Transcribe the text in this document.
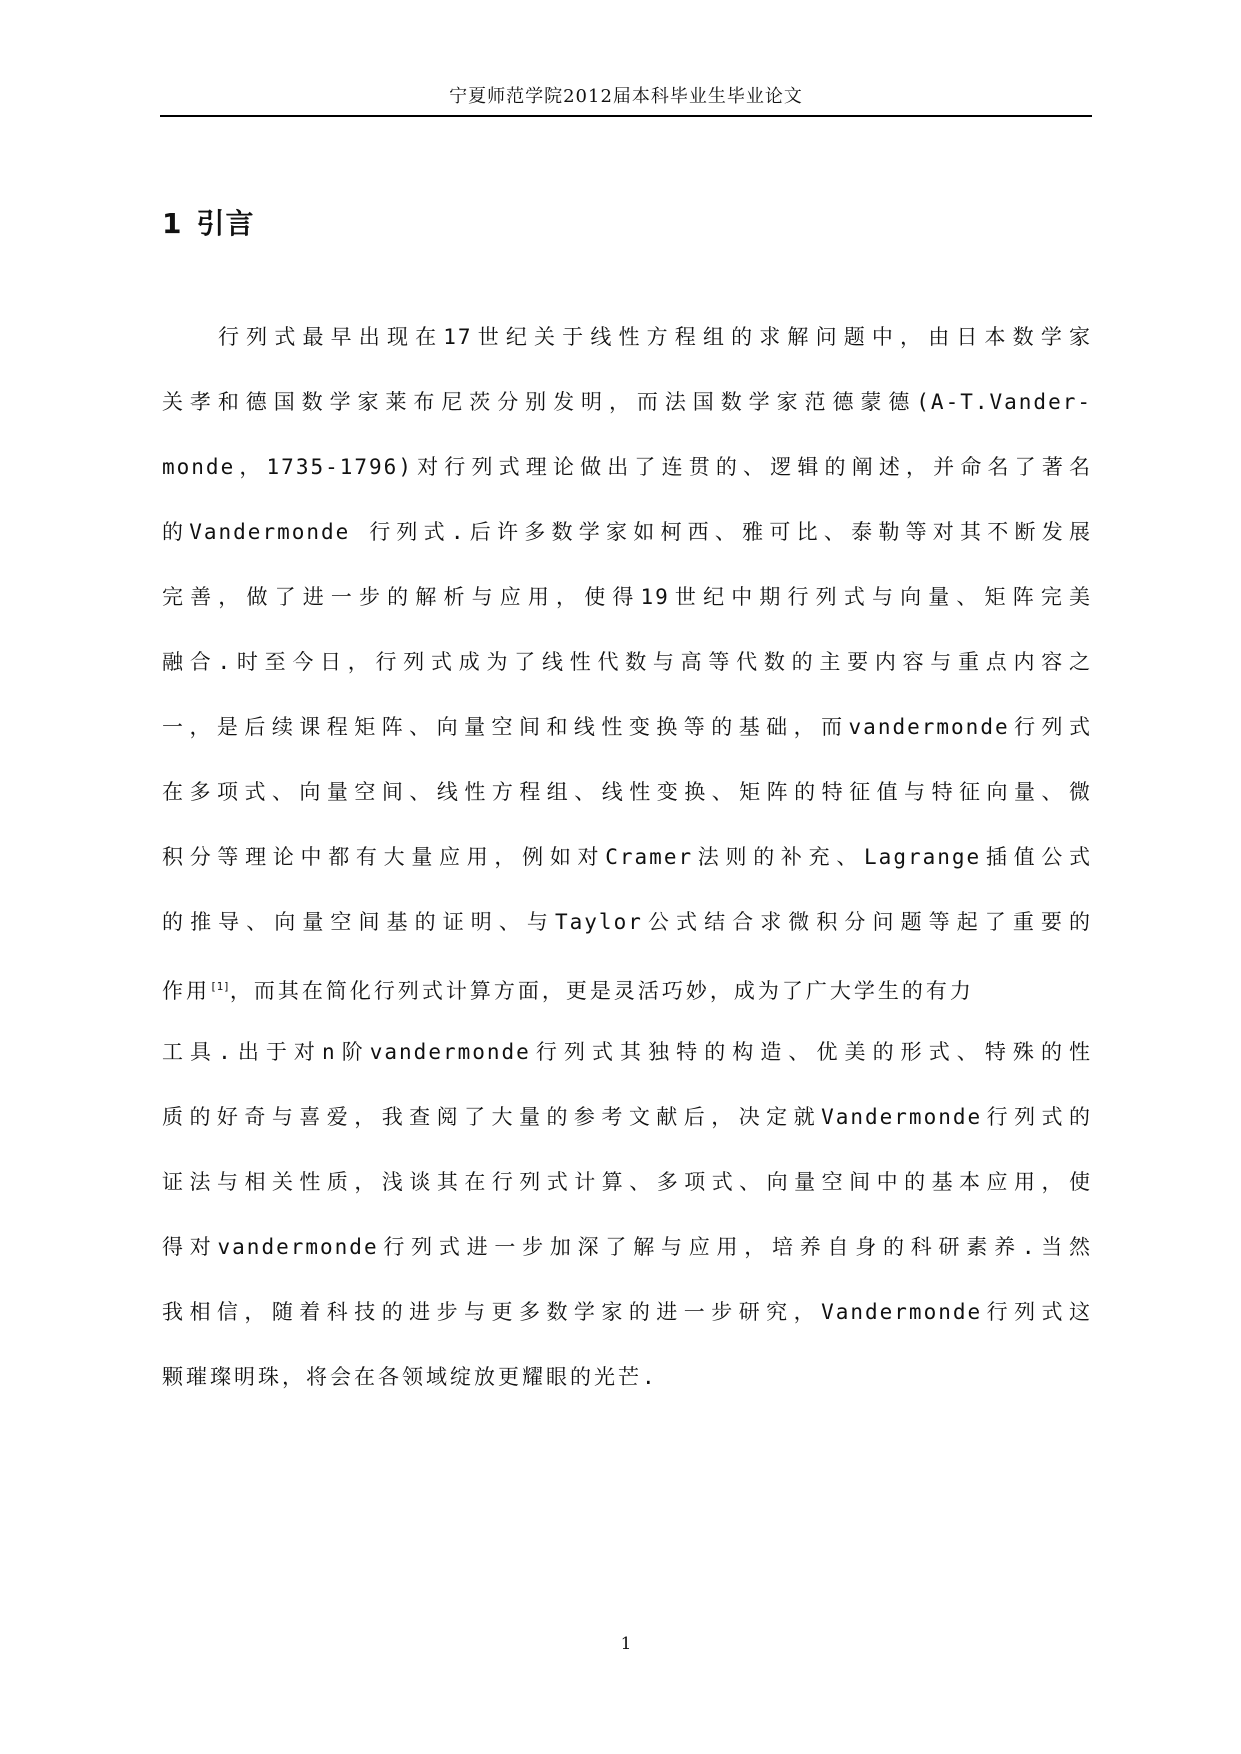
宁夏师范学院2012届本科毕业生毕业论文
1 引言
行列式最早出现在17世纪关于线性方程组的求解问题中，由日本数学家
关孝和德国数学家莱布尼茨分别发明，而法国数学家范德蒙德(A-T.Vander-
monde，1735-1796)对行列式理论做出了连贯的、逻辑的阐述，并命名了著名
的Vandermonde 行列式.后许多数学家如柯西、雅可比、泰勒等对其不断发展
完善，做了进一步的解析与应用，使得19世纪中期行列式与向量、矩阵完美
融合.时至今日，行列式成为了线性代数与高等代数的主要内容与重点内容之
一，是后续课程矩阵、向量空间和线性变换等的基础，而vandermonde行列式
在多项式、向量空间、线性方程组、线性变换、矩阵的特征值与特征向量、微
积分等理论中都有大量应用，例如对Cramer法则的补充、Lagrange插值公式
的推导、向量空间基的证明、与Taylor公式结合求微积分问题等起了重要的
作用[1]，而其在简化行列式计算方面，更是灵活巧妙，成为了广大学生的有力
工具.出于对n阶vandermonde行列式其独特的构造、优美的形式、特殊的性
质的好奇与喜爱，我查阅了大量的参考文献后，决定就Vandermonde行列式的
证法与相关性质，浅谈其在行列式计算、多项式、向量空间中的基本应用，使
得对vandermonde行列式进一步加深了解与应用，培养自身的科研素养.当然
我相信，随着科技的进步与更多数学家的进一步研究，Vandermonde行列式这
颗璀璨明珠，将会在各领域绽放更耀眼的光芒.
1
